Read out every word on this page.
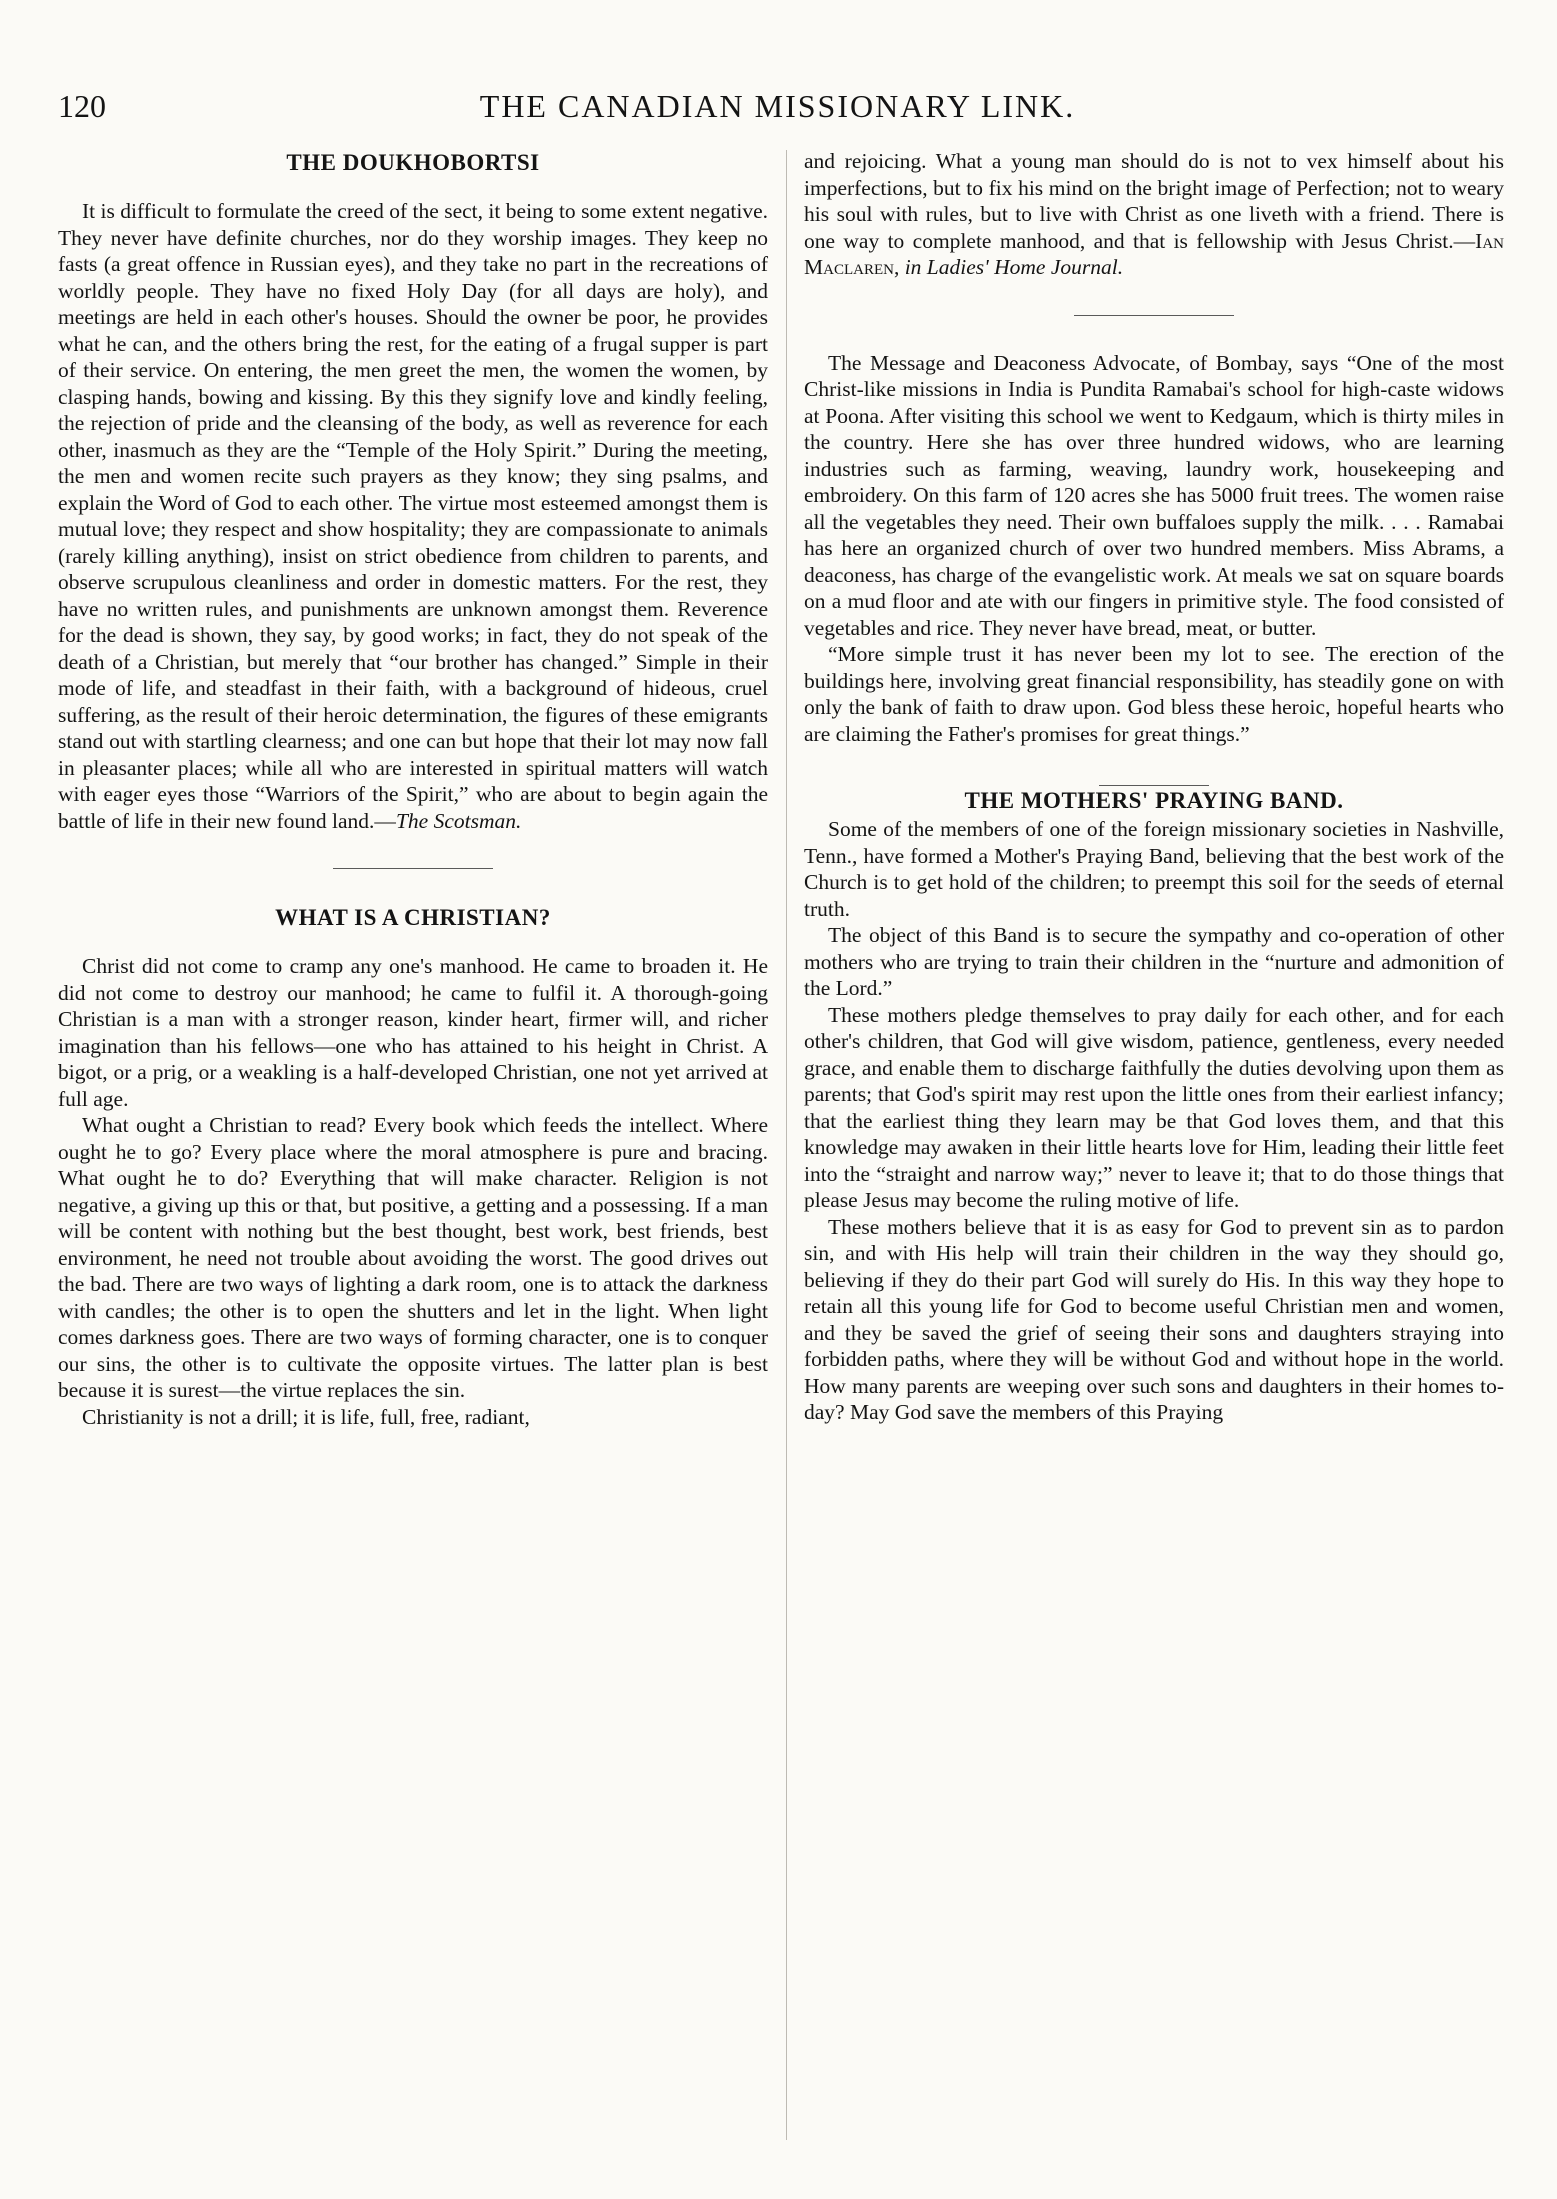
120	THE CANADIAN MISSIONARY LINK.
THE DOUKHOBORTSI

It is difficult to formulate the creed of the sect, it being to some extent negative. They never have definite churches, nor do they worship images. They keep no fasts (a great offence in Russian eyes), and they take no part in the recreations of worldly people. They have no fixed Holy Day (for all days are holy), and meetings are held in each other's houses. Should the owner be poor, he provides what he can, and the others bring the rest, for the eating of a frugal supper is part of their service. On entering, the men greet the men, the women the women, by clasping hands, bowing and kissing. By this they signify love and kindly feeling, the rejection of pride and the cleansing of the body, as well as reverence for each other, inasmuch as they are the “Temple of the Holy Spirit.” During the meeting, the men and women recite such prayers as they know; they sing psalms, and explain the Word of God to each other. The virtue most esteemed amongst them is mutual love; they respect and show hospitality; they are compassionate to animals (rarely killing anything), insist on strict obedience from children to parents, and observe scrupulous cleanliness and order in domestic matters. For the rest, they have no written rules, and punishments are unknown amongst them. Reverence for the dead is shown, they say, by good works; in fact, they do not speak of the death of a Christian, but merely that “our brother has changed.” Simple in their mode of life, and steadfast in their faith, with a background of hideous, cruel suffering, as the result of their heroic determination, the figures of these emigrants stand out with startling clearness; and one can but hope that their lot may now fall in pleasanter places; while all who are interested in spiritual matters will watch with eager eyes those “Warriors of the Spirit,” who are about to begin again the battle of life in their new found land.—The Scotsman.

WHAT IS A CHRISTIAN?

Christ did not come to cramp any one's manhood. He came to broaden it. He did not come to destroy our manhood; he came to fulfil it. A thorough-going Christian is a man with a stronger reason, kinder heart, firmer will, and richer imagination than his fellows—one who has attained to his height in Christ. A bigot, or a prig, or a weakling is a half-developed Christian, one not yet arrived at full age.

What ought a Christian to read? Every book which feeds the intellect. Where ought he to go? Every place where the moral atmosphere is pure and bracing. What ought he to do? Everything that will make character. Religion is not negative, a giving up this or that, but positive, a getting and a possessing. If a man will be content with nothing but the best thought, best work, best friends, best environment, he need not trouble about avoiding the worst. The good drives out the bad. There are two ways of lighting a dark room, one is to attack the darkness with candles; the other is to open the shutters and let in the light. When light comes darkness goes. There are two ways of forming character, one is to conquer our sins, the other is to cultivate the opposite virtues. The latter plan is best because it is surest—the virtue replaces the sin.

Christianity is not a drill; it is life, full, free, radiant,

and rejoicing. What a young man should do is not to vex himself about his imperfections, but to fix his mind on the bright image of Perfection; not to weary his soul with rules, but to live with Christ as one liveth with a friend. There is one way to complete manhood, and that is fellowship with Jesus Christ.—Ian Maclaren, in Ladies' Home Journal.

The Message and Deaconess Advocate, of Bombay, says “One of the most Christ-like missions in India is Pundita Ramabai's school for high-caste widows at Poona. After visiting this school we went to Kedgaum, which is thirty miles in the country. Here she has over three hundred widows, who are learning industries such as farming, weaving, laundry work, housekeeping and embroidery. On this farm of 120 acres she has 5000 fruit trees. The women raise all the vegetables they need. Their own buffaloes supply the milk. . . . Ramabai has here an organized church of over two hundred members. Miss Abrams, a deaconess, has charge of the evangelistic work. At meals we sat on square boards on a mud floor and ate with our fingers in primitive style. The food consisted of vegetables and rice. They never have bread, meat, or butter.

“More simple trust it has never been my lot to see. The erection of the buildings here, involving great financial responsibility, has steadily gone on with only the bank of faith to draw upon. God bless these heroic, hopeful hearts who are claiming the Father's promises for great things.”

THE MOTHERS' PRAYING BAND.

Some of the members of one of the foreign missionary societies in Nashville, Tenn., have formed a Mother's Praying Band, believing that the best work of the Church is to get hold of the children; to preempt this soil for the seeds of eternal truth.

The object of this Band is to secure the sympathy and co-operation of other mothers who are trying to train their children in the “nurture and admonition of the Lord.”

These mothers pledge themselves to pray daily for each other, and for each other's children, that God will give wisdom, patience, gentleness, every needed grace, and enable them to discharge faithfully the duties devolving upon them as parents; that God's spirit may rest upon the little ones from their earliest infancy; that the earliest thing they learn may be that God loves them, and that this knowledge may awaken in their little hearts love for Him, leading their little feet into the “straight and narrow way;” never to leave it; that to do those things that please Jesus may become the ruling motive of life.

These mothers believe that it is as easy for God to prevent sin as to pardon sin, and with His help will train their children in the way they should go, believing if they do their part God will surely do His. In this way they hope to retain all this young life for God to become useful Christian men and women, and they be saved the grief of seeing their sons and daughters straying into forbidden paths, where they will be without God and without hope in the world. How many parents are weeping over such sons and daughters in their homes to-day? May God save the members of this Praying
